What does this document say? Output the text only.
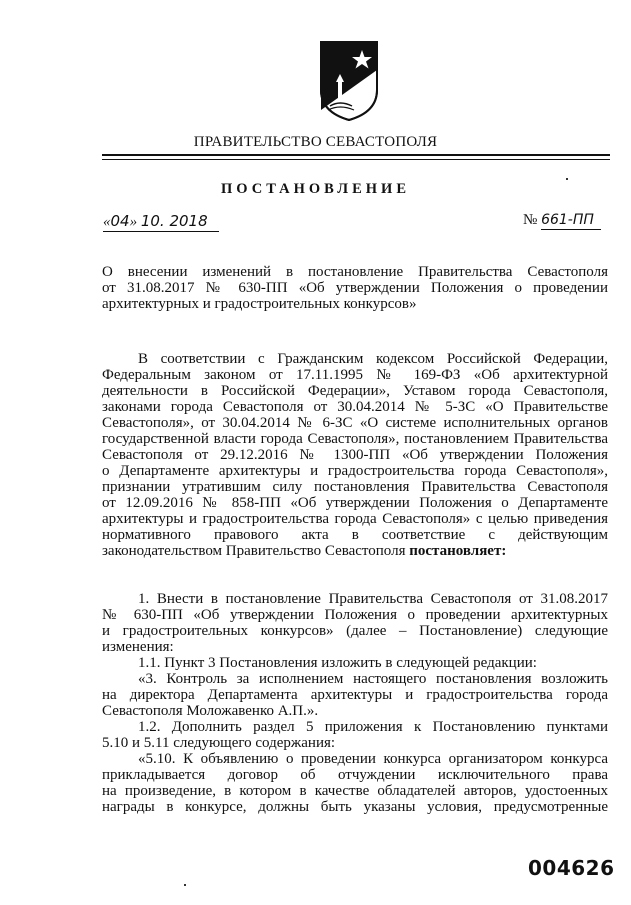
ПРАВИТЕЛЬСТВО СЕВАСТОПОЛЯ
ПОСТАНОВЛЕНИЕ
«04» 10. 2018	№ 661-ПП
О внесении изменений в постановление Правительства Севастополя
от 31.08.2017 № 630-ПП «Об утверждении Положения о проведении
архитектурных и градостроительных конкурсов»
В соответствии с Гражданским кодексом Российской Федерации,
Федеральным законом от 17.11.1995 № 169-ФЗ «Об архитектурной
деятельности в Российской Федерации», Уставом города Севастополя,
законами города Севастополя от 30.04.2014 № 5-ЗС «О Правительстве
Севастополя», от 30.04.2014 № 6-ЗС «О системе исполнительных органов
государственной власти города Севастополя», постановлением Правительства
Севастополя от 29.12.2016 № 1300-ПП «Об утверждении Положения
о Департаменте архитектуры и градостроительства города Севастополя»,
признании утратившим силу постановления Правительства Севастополя
от 12.09.2016 № 858-ПП «Об утверждении Положения о Департаменте
архитектуры и градостроительства города Севастополя» с целью приведения
нормативного правового акта в соответствие с действующим
законодательством Правительство Севастополя постановляет:
1. Внести в постановление Правительства Севастополя от 31.08.2017
№ 630-ПП «Об утверждении Положения о проведении архитектурных
и градостроительных конкурсов» (далее – Постановление) следующие
изменения:
1.1. Пункт 3 Постановления изложить в следующей редакции:
«3. Контроль за исполнением настоящего постановления возложить
на директора Департамента архитектуры и градостроительства города
Севастополя Моложавенко А.П.».
1.2. Дополнить раздел 5 приложения к Постановлению пунктами
5.10 и 5.11 следующего содержания:
«5.10. К объявлению о проведении конкурса организатором конкурса
прикладывается договор об отчуждении исключительного права
на произведение, в котором в качестве обладателей авторов, удостоенных
награды в конкурсе, должны быть указаны условия, предусмотренные
004626
